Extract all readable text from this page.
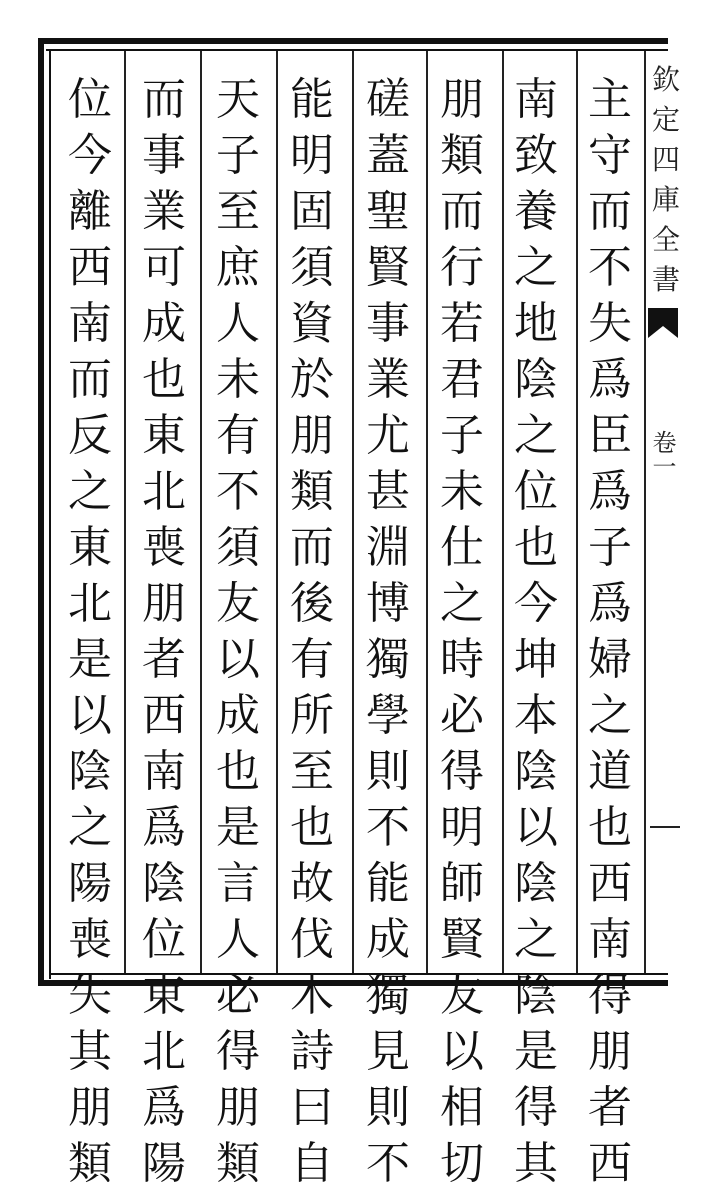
主
守
而
不
失
爲
臣
爲
子
爲
婦
之
道
也
西
南
得
朋
者
西
南
致
養
之
地
陰
之
位
也
今
坤
本
陰
以
陰
之
陰
是
得
其
朋
類
而
行
若
君
子
未
仕
之
時
必
得
明
師
賢
友
以
相
切
磋
蓋
聖
賢
事
業
尤
甚
淵
博
獨
學
則
不
能
成
獨
見
則
不
能
明
固
須
資
於
朋
類
而
後
有
所
至
也
故
伐
木
詩
曰
自
天
子
至
庶
人
未
有
不
須
友
以
成
也
是
言
人
必
得
朋
類
而
事
業
可
成
也
東
北
喪
朋
者
西
南
爲
陰
位
東
北
爲
陽
位
今
離
西
南
而
反
之
東
北
是
以
陰
之
陽
喪
失
其
朋
類
欽
定
四
庫
全
書
卷一
